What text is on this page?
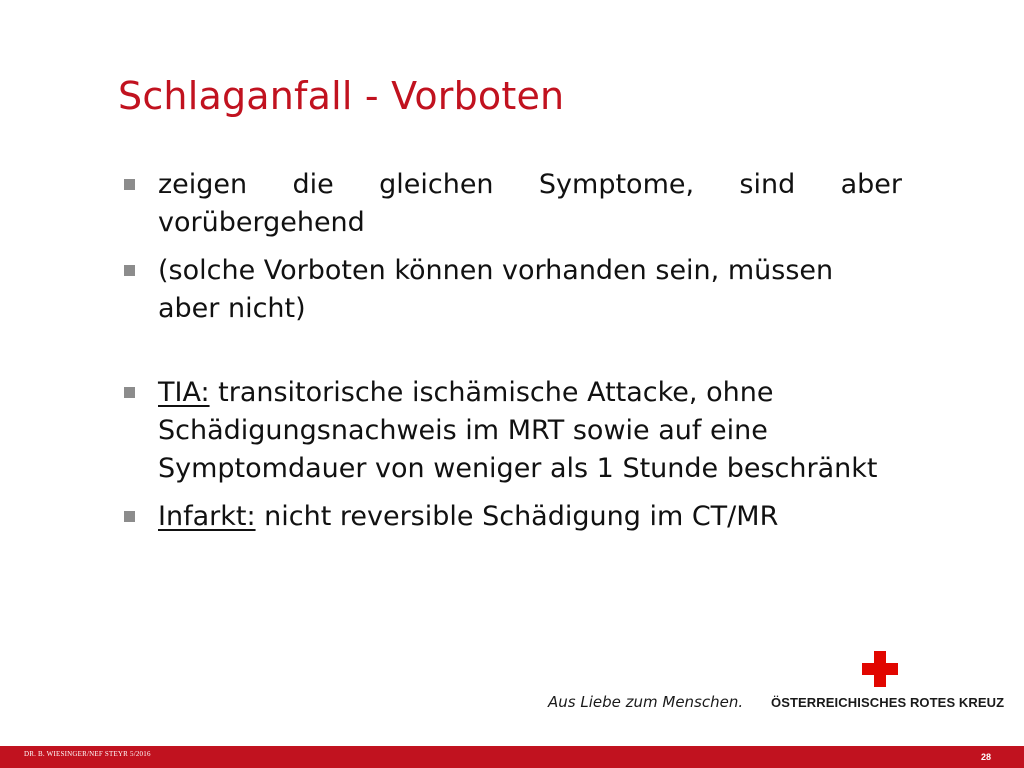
Schlaganfall - Vorboten
zeigen die gleichen Symptome, sind aber vorübergehend
(solche Vorboten können vorhanden sein, müssen aber nicht)
TIA: transitorische ischämische Attacke, ohne Schädigungsnachweis im MRT sowie auf eine Symptomdauer von weniger als 1 Stunde beschränkt
Infarkt: nicht reversible Schädigung im CT/MR
Aus Liebe zum Menschen. ÖSTERREICHISCHES ROTES KREUZ
DR. B. WIESINGER/NEF STEYR 5/2016	28
